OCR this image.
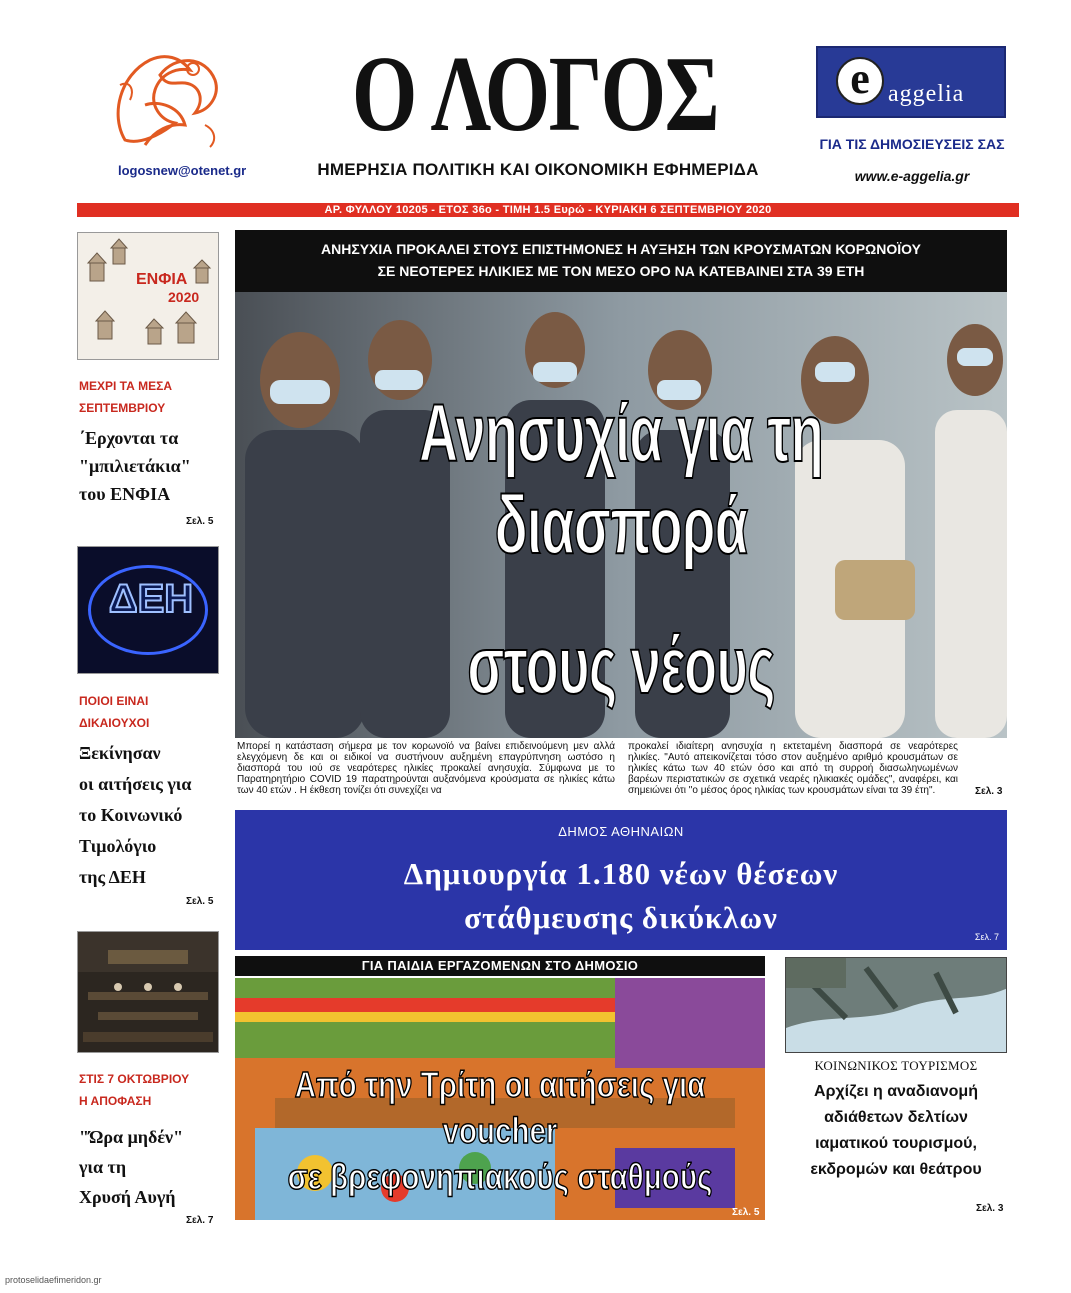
logosnew@otenet.gr
Ο ΛΟΓΟΣ
ΗΜΕΡΗΣΙΑ ΠΟΛΙΤΙΚΗ ΚΑΙ ΟΙΚΟΝΟΜΙΚΗ ΕΦΗΜΕΡΙΔΑ
e aggelia
ΓΙΑ ΤΙΣ ΔΗΜΟΣΙΕΥΣΕΙΣ ΣΑΣ
www.e-aggelia.gr
ΑΡ. ΦΥΛΛΟΥ 10205 - ΕΤΟΣ 36ο - ΤΙΜΗ 1.5 Ευρώ - ΚΥΡΙΑΚΗ 6 ΣΕΠΤΕΜΒΡΙΟΥ 2020
ΕΝΦΙΑ
2020
ΜΕΧΡΙ ΤΑ ΜΕΣΑ
ΣΕΠΤΕΜΒΡΙΟΥ
΄Ερχονται τα
"μπιλιετάκια"
του ΕΝΦΙΑ
Σελ. 5
ΔΕΗ
ΠΟΙΟΙ ΕΙΝΑΙ
ΔΙΚΑΙΟΥΧΟΙ
Ξεκίνησαν
οι αιτήσεις για
το Κοινωνικό
Τιμολόγιο
της ΔΕΗ
Σελ. 5
ΣΤΙΣ 7 ΟΚΤΩΒΡΙΟΥ
Η ΑΠΟΦΑΣΗ
"Ώρα μηδέν"
για τη
Χρυσή Αυγή
Σελ. 7
ΑΝΗΣΥΧΙΑ ΠΡΟΚΑΛΕΙ ΣΤΟΥΣ ΕΠΙΣΤΗΜΟΝΕΣ Η ΑΥΞΗΣΗ ΤΩΝ ΚΡΟΥΣΜΑΤΩΝ ΚΟΡΩΝΟΪΟΥ
ΣΕ ΝΕΟΤΕΡΕΣ ΗΛΙΚΙΕΣ ΜΕ ΤΟΝ ΜΕΣΟ ΟΡΟ ΝΑ ΚΑΤΕΒΑΙΝΕΙ ΣΤΑ 39 ΕΤΗ
Ανησυχία για τη διασπορά
στους νέους
Μπορεί η κατάσταση σήμερα με τον κορωνοϊό να βαίνει επιδεινούμενη μεν αλλά ελεγχόμενη δε και οι ειδικοί να συστήνουν αυξημένη επαγρύπνηση ωστόσο η διασπορά του ιού σε νεαρότερες ηλικίες προκαλεί ανησυχία. Σύμφωνα με το Παρατηρητήριο COVID 19 παρατηρούνται αυξανόμενα κρούσματα σε ηλικίες κάτω των 40 ετών . Η έκθεση τονίζει ότι συνεχίζει να
προκαλεί ιδιαίτερη ανησυχία η εκτεταμένη διασπορά σε νεαρότερες ηλικίες. "Αυτό απεικονίζεται τόσο στον αυξημένο αριθμό κρουσμάτων σε ηλικίες κάτω των 40 ετών όσο και από τη συρροή διασωληνωμένων βαρέων περιστατικών σε σχετικά νεαρές ηλικιακές ομάδες", αναφέρει, και σημειώνει ότι "ο μέσος όρος ηλικίας των κρουσμάτων είναι τα 39 έτη".	Σελ. 3
ΔΗΜΟΣ ΑΘΗΝΑΙΩΝ
Δημιουργία 1.180 νέων θέσεων
στάθμευσης δικύκλων
Σελ. 7
ΓΙΑ ΠΑΙΔΙΑ ΕΡΓΑΖΟΜΕΝΩΝ ΣΤΟ ΔΗΜΟΣΙΟ
Από την Τρίτη οι αιτήσεις για voucher
σε βρεφονηπιακούς σταθμούς
Σελ. 5
ΚΟΙΝΩΝΙΚΟΣ ΤΟΥΡΙΣΜΟΣ
Αρχίζει η αναδιανομή
αδιάθετων δελτίων
ιαματικού τουρισμού,
εκδρομών και θεάτρου
Σελ. 3
protoselidaefimeridon.gr
